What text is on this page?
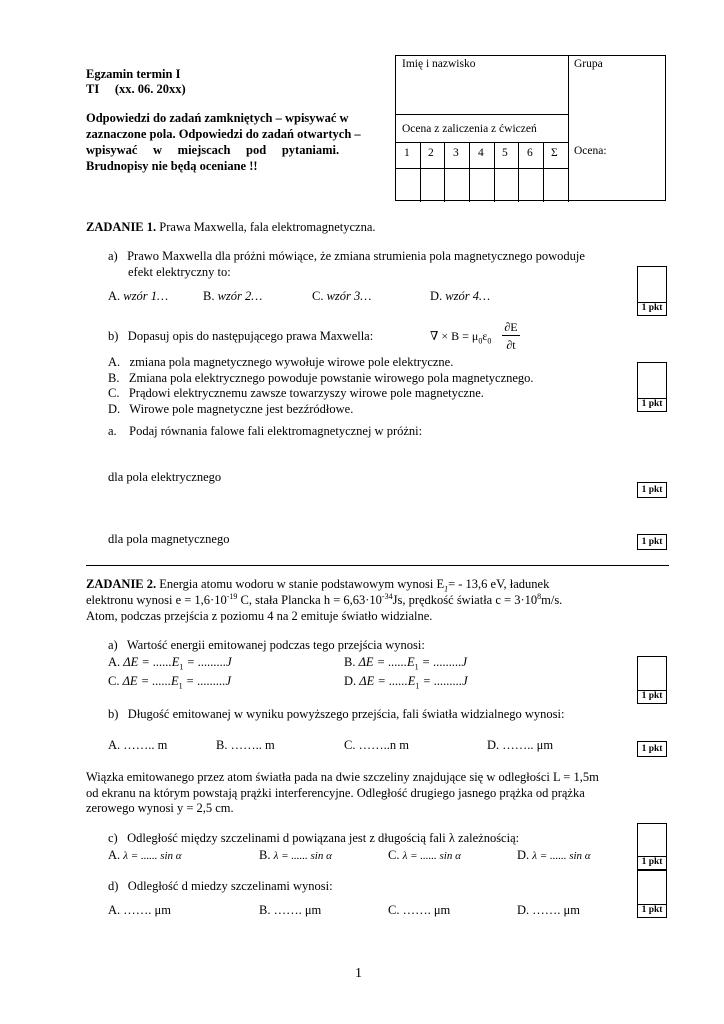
Egzamin termin I
TI     (xx. 06. 20xx)
Odpowiedzi do zadań zamkniętych – wpisywać w
zaznaczone pola. Odpowiedzi do zadań otwartych –
wpisywać     w     miejscach     pod     pytaniami.
Brudnopisy nie będą oceniane !!
Imię i nazwisko	Grupa
Ocena z zaliczenia z ćwiczeń
1 2 3 4 5 6 Σ Ocena:
ZADANIE 1. Prawa Maxwella, fala elektromagnetyczna.
a)   Prawo Maxwella dla próżni mówiące, że zmiana strumienia pola magnetycznego powoduje
efekt elektryczny to:
A. wzór 1…	B. wzór 2…	C. wzór 3…	D. wzór 4…
b)   Dopasuj opis do następującego prawa Maxwella:	∇ × $B = \mu_0\varepsilon_0$
∂E
∂t
A.   zmiana pola magnetycznego wywołuje wirowe pole elektryczne.
B.   Zmiana pola elektrycznego powoduje powstanie wirowego pola magnetycznego.
C.   Prądowi elektrycznemu zawsze towarzyszy wirowe pole magnetyczne.
D.   Wirowe pole magnetyczne jest bezźródłowe.
a.    Podaj równania falowe fali elektromagnetycznej w próżni:
dla pola elektrycznego
dla pola magnetycznego
1 pkt
1 pkt
1 pkt
1 pkt
ZADANIE 2. Energia atomu wodoru w stanie podstawowym wynosi $E_1= - 13,6$ eV, ładunek
elektronu wynosi $e = 1,6\cdot 10^{-19}$ C, stała Plancka $h = 6,63\cdot 10^{-34}Js$, prędkość światła $c = 3\cdot 10^8m/s$.
Atom, podczas przejścia z poziomu 4 na 2 emituje światło widzialne.
a)   Wartość energii emitowanej podczas tego przejścia wynosi:
A. $\Delta E = ......E_1 = .........J$	B. $\Delta E = ......E_1 = .........J$
C. $\Delta E = ......E_1 = .........J$	D. $\Delta E = ......E_1 = .........J$
b)   Długość emitowanej w wyniku powyższego przejścia, fali światła widzialnego wynosi:
A. …….. m	B. …….. m	C. ……..n m	D. …….. μm
Wiązka emitowanego przez atom światła pada na dwie szczeliny znajdujące się w odległości L = 1,5m
od ekranu na którym powstają prążki interferencyjne. Odległość drugiego jasnego prążka od prążka
zerowego wynosi y = 2,5 cm.
c)   Odległość między szczelinami d powiązana jest z długością fali λ zależnością:
A. λ = ...... sin α	B. λ = ...... sin α	C. λ = ...... sin α	D. λ = ...... sin α
d)   Odległość d miedzy szczelinami wynosi:
A. ……. μm	B. ……. μm	C. ……. μm	D. ……. μm
1 pkt
1 pkt
1 pkt
1 pkt
1
